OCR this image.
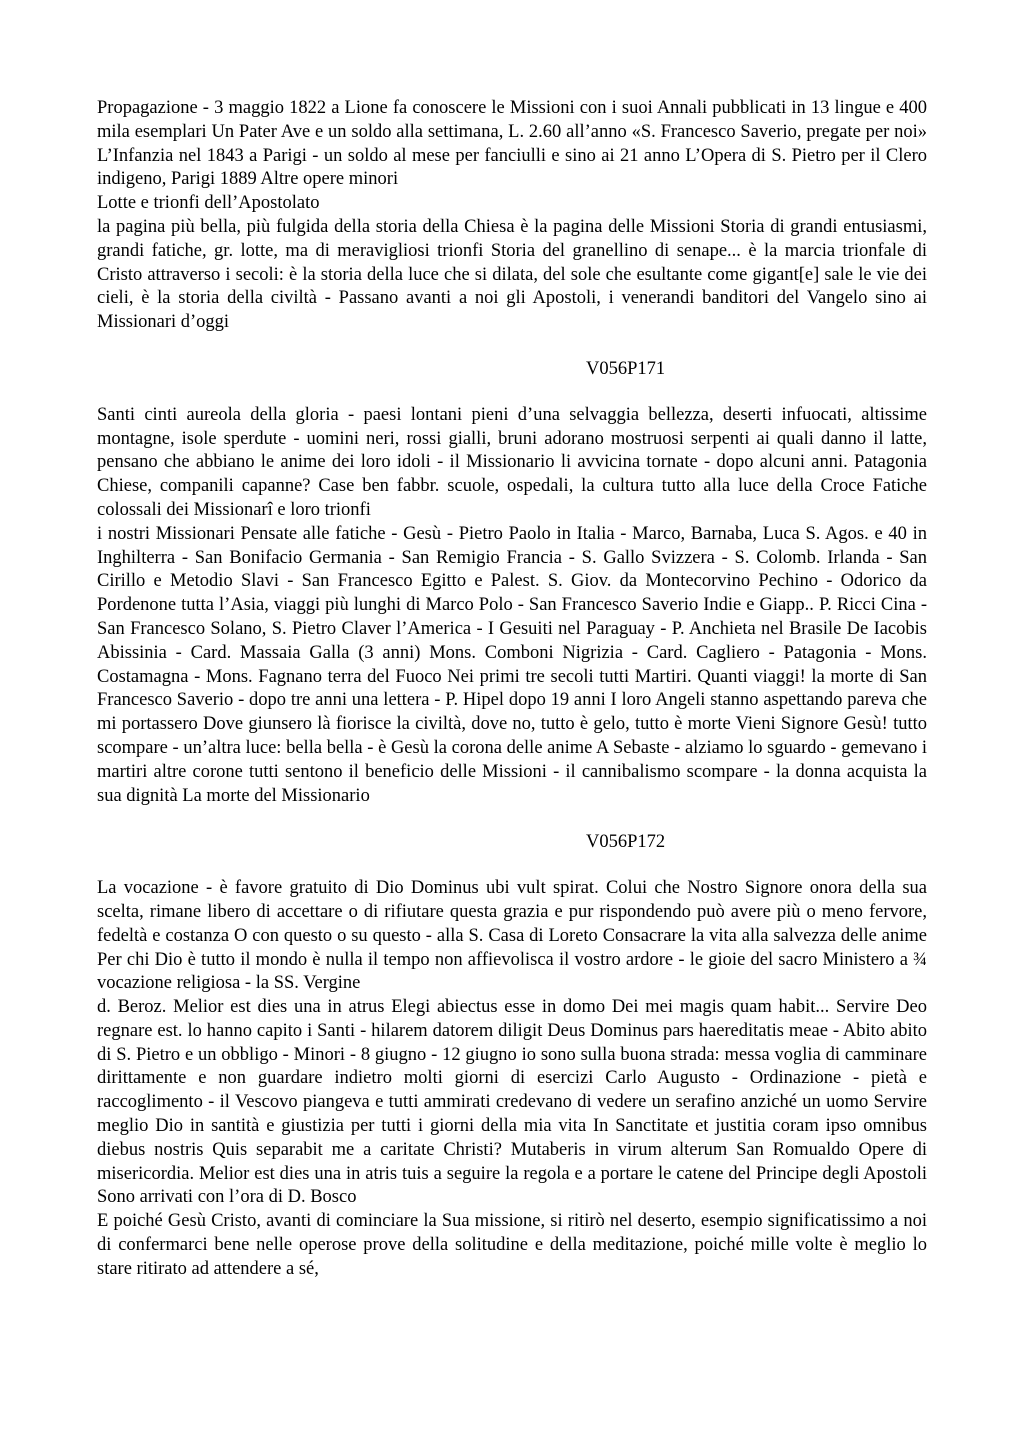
Propagazione - 3 maggio 1822 a Lione fa conoscere le Missioni con i suoi Annali pubblicati in 13 lingue e 400 mila esemplari Un Pater Ave e un soldo alla settimana, L. 2.60 all’anno «S. Francesco Saverio, pregate per noi» L’Infanzia nel 1843 a Parigi - un soldo al mese per fanciulli e sino ai 21 anno L’Opera di S. Pietro per il Clero indigeno, Parigi 1889 Altre opere minori

Lotte e trionfi dell’Apostolato

la pagina più bella, più fulgida della storia della Chiesa è la pagina delle Missioni Storia di grandi entusiasmi, grandi fatiche, gr. lotte, ma di meravigliosi trionfi Storia del granellino di senape... è la marcia trionfale di Cristo attraverso i secoli: è la storia della luce che si dilata, del sole che esultante come gigant[e] sale le vie dei cieli, è la storia della civiltà - Passano avanti a noi gli Apostoli, i venerandi banditori del Vangelo sino ai Missionari d’oggi

V056P171

Santi cinti aureola della gloria - paesi lontani pieni d’una selvaggia bellezza, deserti infuocati, altissime montagne, isole sperdute - uomini neri, rossi gialli, bruni adorano mostruosi serpenti ai quali danno il latte, pensano che abbiano le anime dei loro idoli - il Missionario li avvicina tornate - dopo alcuni anni. Patagonia Chiese, companili capanne? Case ben fabbr. scuole, ospedali, la cultura tutto alla luce della Croce Fatiche colossali dei Missionarî e loro trionfi

i nostri Missionari Pensate alle fatiche - Gesù - Pietro Paolo in Italia - Marco, Barnaba, Luca S. Agos. e 40 in Inghilterra - San Bonifacio Germania - San Remigio Francia - S. Gallo Svizzera - S. Colomb. Irlanda - San Cirillo e Metodio Slavi - San Francesco Egitto e Palest. S. Giov. da Montecorvino Pechino - Odorico da Pordenone tutta l’Asia, viaggi più lunghi di Marco Polo - San Francesco Saverio Indie e Giapp.. P. Ricci Cina - San Francesco Solano, S. Pietro Claver l’America - I Gesuiti nel Paraguay - P. Anchieta nel Brasile De Iacobis Abissinia - Card. Massaia Galla (3 anni) Mons. Comboni Nigrizia - Card. Cagliero - Patagonia - Mons. Costamagna - Mons. Fagnano terra del Fuoco Nei primi tre secoli tutti Martiri. Quanti viaggi! la morte di San Francesco Saverio - dopo tre anni una lettera - P. Hipel dopo 19 anni I loro Angeli stanno aspettando pareva che mi portassero Dove giunsero là fiorisce la civiltà, dove no, tutto è gelo, tutto è morte Vieni Signore Gesù! tutto scompare - un’altra luce: bella bella - è Gesù la corona delle anime A Sebaste - alziamo lo sguardo - gemevano i martiri altre corone tutti sentono il beneficio delle Missioni - il cannibalismo scompare - la donna acquista la sua dignità La morte del Missionario

V056P172

La vocazione - è favore gratuito di Dio Dominus ubi vult spirat. Colui che Nostro Signore onora della sua scelta, rimane libero di accettare o di rifiutare questa grazia e pur rispondendo può avere più o meno fervore, fedeltà e costanza O con questo o su questo - alla S. Casa di Loreto Consacrare la vita alla salvezza delle anime Per chi Dio è tutto il mondo è nulla il tempo non affievolisca il vostro ardore - le gioie del sacro Ministero a ¾ vocazione religiosa - la SS. Vergine

d. Beroz. Melior est dies una in atrus Elegi abiectus esse in domo Dei mei magis quam habit... Servire Deo regnare est. lo hanno capito i Santi - hilarem datorem diligit Deus Dominus pars haereditatis meae - Abito abito di S. Pietro e un obbligo - Minori - 8 giugno - 12 giugno io sono sulla buona strada: messa voglia di camminare dirittamente e non guardare indietro molti giorni di esercizi Carlo Augusto - Ordinazione - pietà e raccoglimento - il Vescovo piangeva e tutti ammirati credevano di vedere un serafino anziché un uomo Servire meglio Dio in santità e giustizia per tutti i giorni della mia vita In Sanctitate et justitia coram ipso omnibus diebus nostris Quis separabit me a caritate Christi? Mutaberis in virum alterum San Romualdo Opere di misericordia. Melior est dies una in atris tuis a seguire la regola e a portare le catene del Principe degli Apostoli Sono arrivati con l’ora di D. Bosco

E poiché Gesù Cristo, avanti di cominciare la Sua missione, si ritirò nel deserto, esempio significatissimo a noi di confermarci bene nelle operose prove della solitudine e della meditazione, poiché mille volte è meglio lo stare ritirato ad attendere a sé,
